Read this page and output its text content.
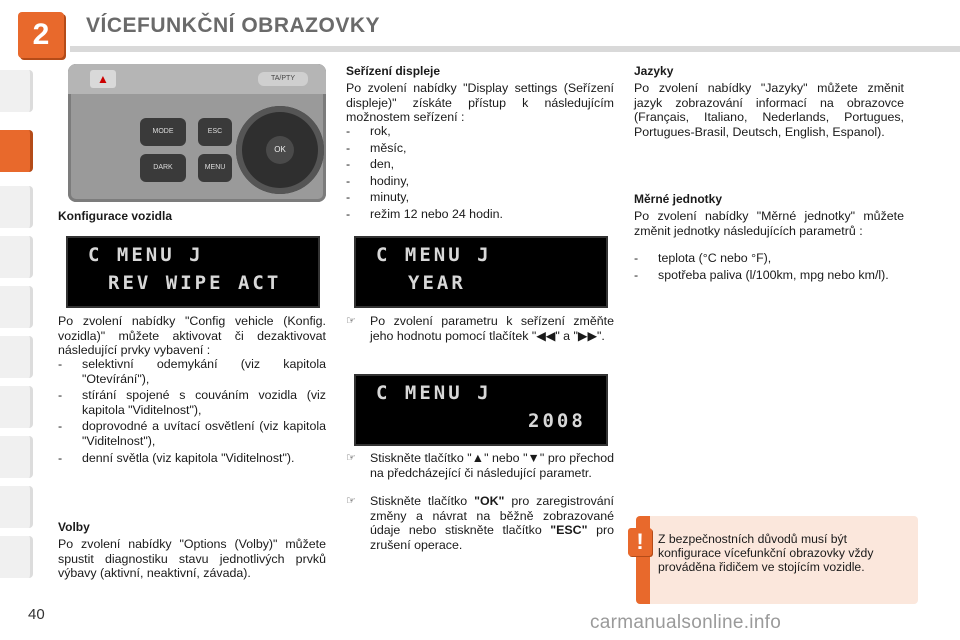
2	VÍCEFUNKČNÍ OBRAZOVKY
▲	TA/PTY
MODE
DARK
ESC
MENU
OK
Konfigurace vozidla
C MENU J
REV WIPE ACT
Po zvolení nabídky "Config vehicle (Konfig. vozidla)" můžete aktivovat či dezaktivovat následující prvky vybavení :
- selektivní odemykání (viz kapitola "Otevírání"),
- stírání spojené s couváním vozidla (viz kapitola "Viditelnost"),
- doprovodné a uvítací osvětlení (viz kapitola "Viditelnost"),
- denní světla (viz kapitola "Viditelnost").
Volby
Po zvolení nabídky "Options (Volby)" můžete spustit diagnostiku stavu jednotlivých prvků výbavy (aktivní, neaktivní, závada).
Seřízení displeje
Po zvolení nabídky "Display settings (Seřízení displeje)" získáte přístup k následujícím možnostem seřízení :
- rok,
- měsíc,
- den,
- hodiny,
- minuty,
- režim 12 nebo 24 hodin.
C MENU J
YEAR
☞ Po zvolení parametru k seřízení změňte jeho hodnotu pomocí tlačítek "◀◀" a "▶▶".
C MENU J
2008
☞ Stiskněte tlačítko "▲" nebo "▼" pro přechod na předcházející či následující parametr.
☞ Stiskněte tlačítko "OK" pro zaregistrování změny a návrat na běžně zobrazované údaje nebo stiskněte tlačítko "ESC" pro zrušení operace.
Jazyky
Po zvolení nabídky "Jazyky" můžete změnit jazyk zobrazování informací na obrazovce (Français, Italiano, Nederlands, Portugues, Portugues-Brasil, Deutsch, English, Espanol).
Měrné jednotky
Po zvolení nabídky "Měrné jednotky" můžete změnit jednotky následujících parametrů :
- teplota (°C nebo °F),
- spotřeba paliva (l/100km, mpg nebo km/l).
!	Z bezpečnostních důvodů musí být konfigurace vícefunkční obrazovky vždy prováděna řidičem ve stojícím vozidle.
40	carmanualsonline.info
